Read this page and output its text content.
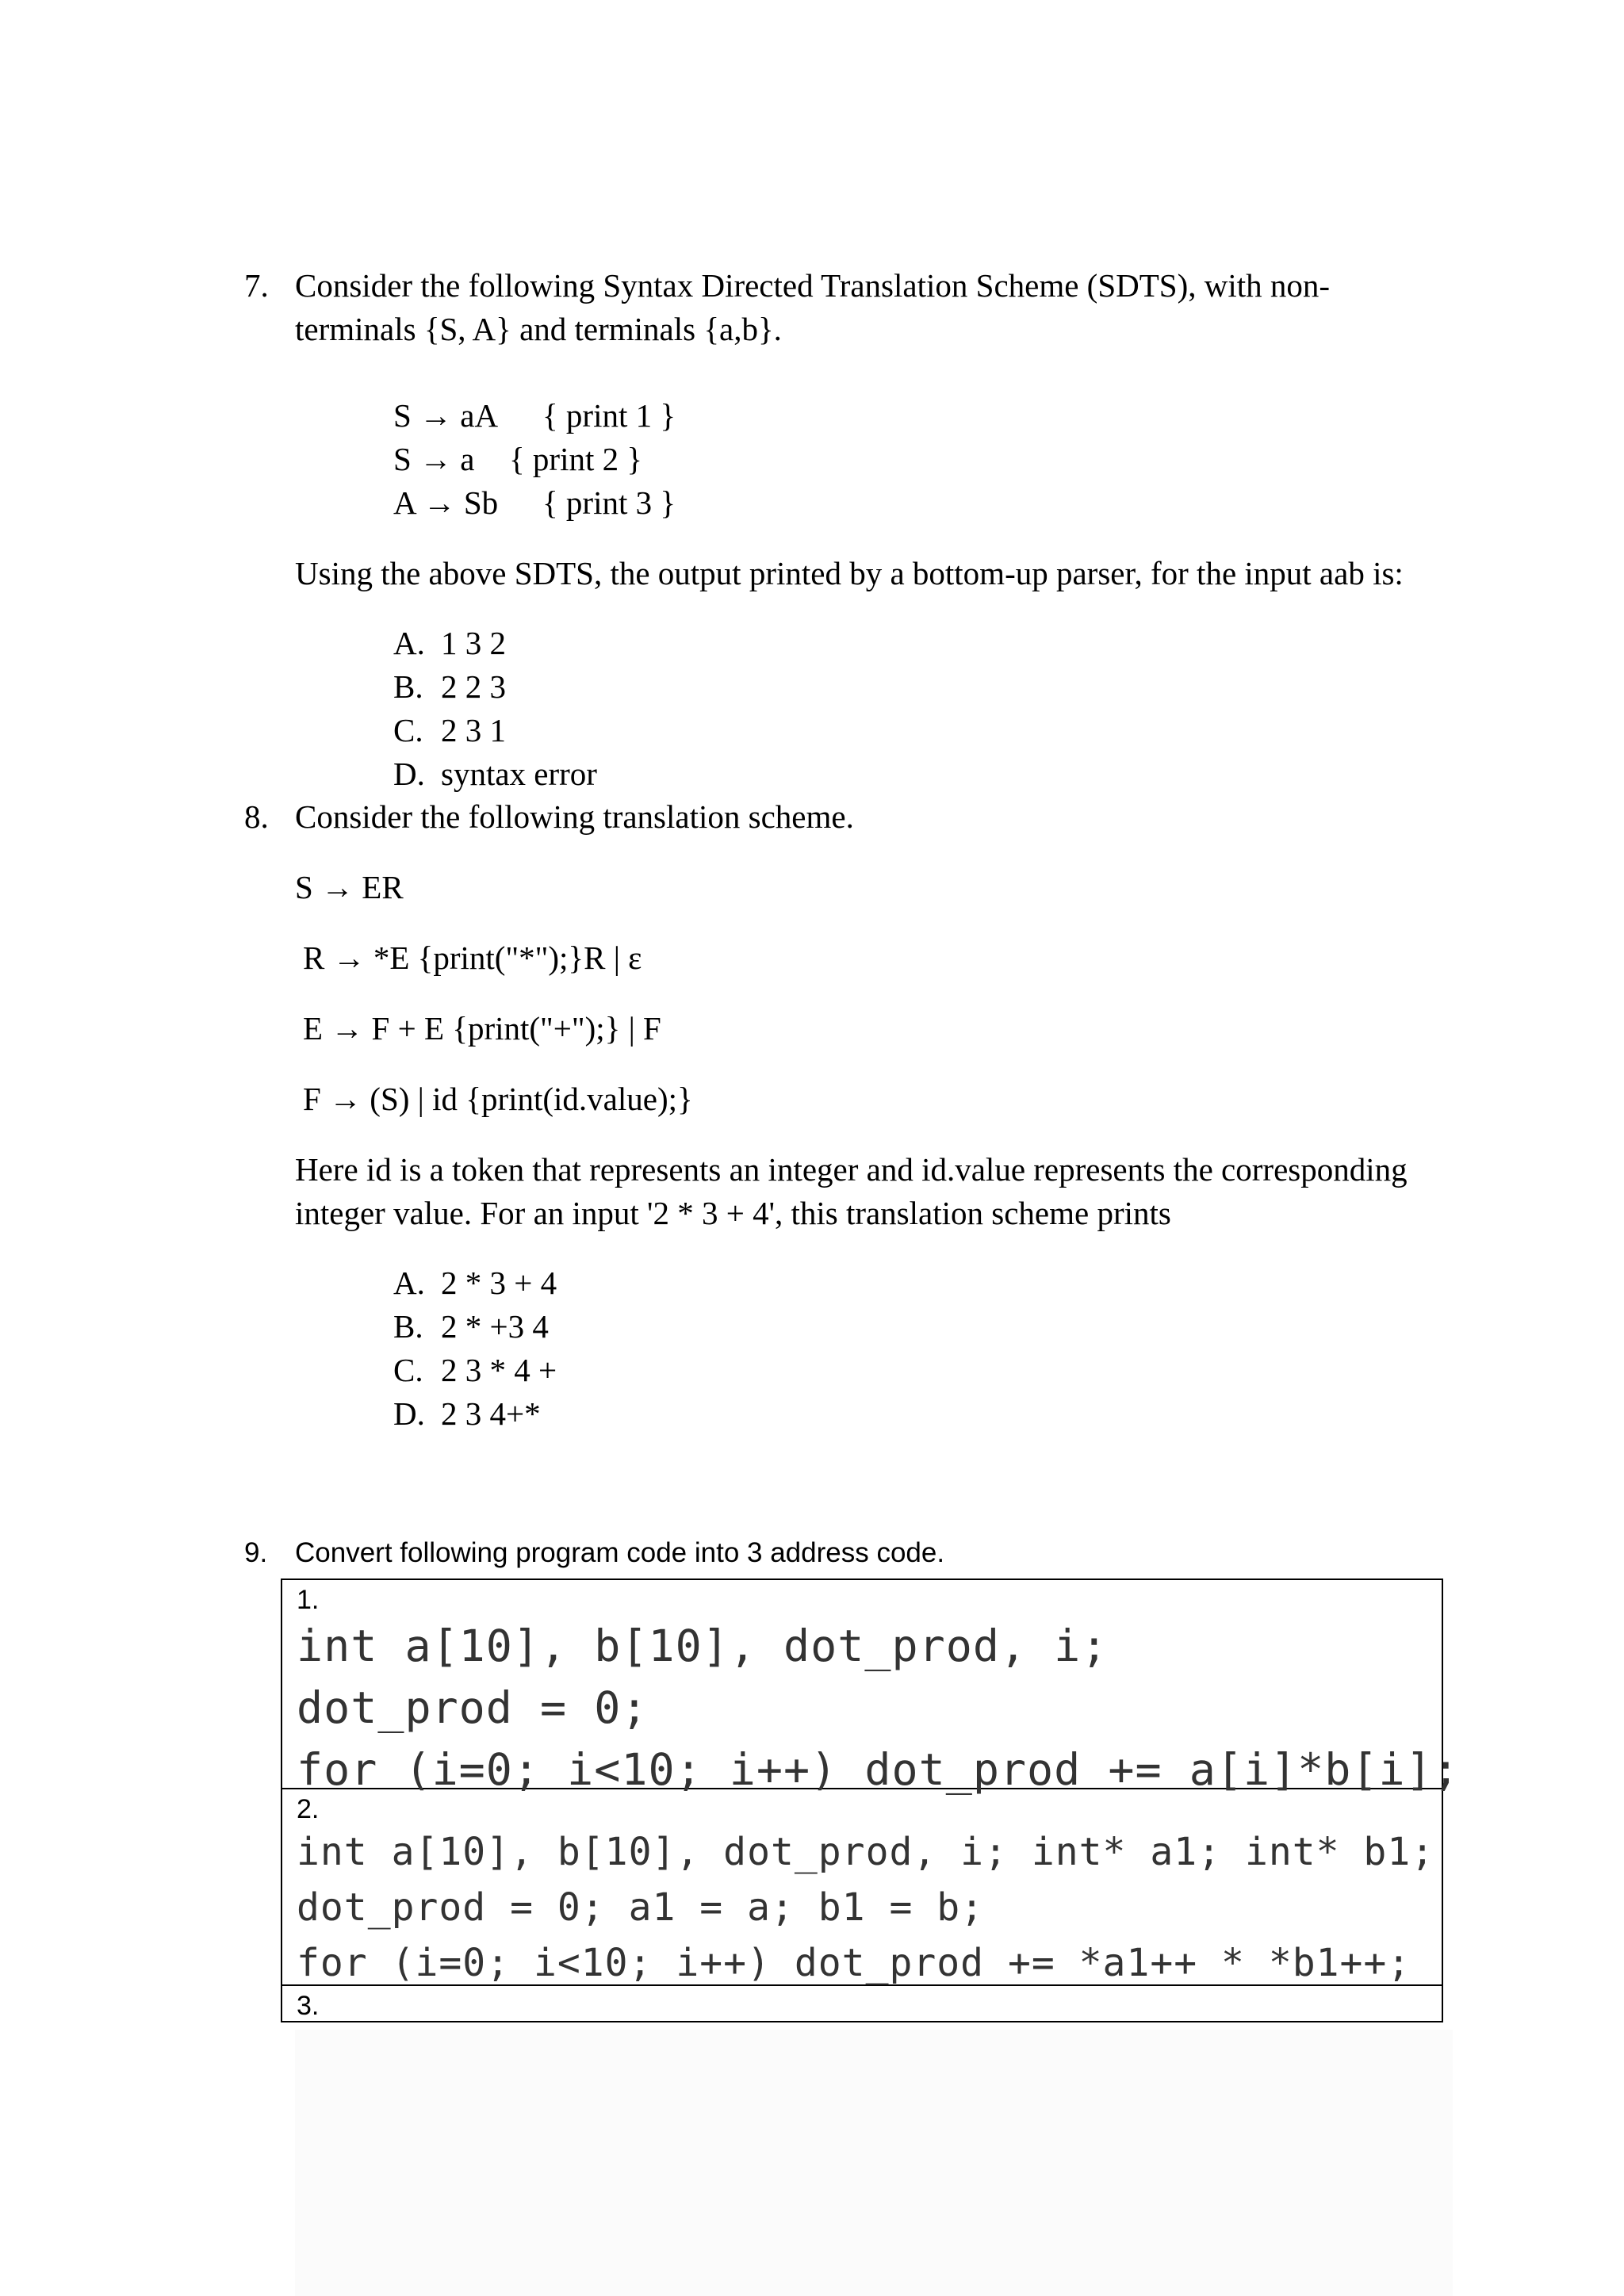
7. Consider the following Syntax Directed Translation Scheme (SDTS), with non-
terminals {S, A} and terminals {a,b}.
S → aA { print 1 }
S → a { print 2 }
A → Sb { print 3 }
Using the above SDTS, the output printed by a bottom-up parser, for the input aab is:
A. 1 3 2
B. 2 2 3
C. 2 3 1
D. syntax error
8. Consider the following translation scheme.
S → ER
R → *E {print("*");}R | ε
E → F + E {print("+");} | F
F → (S) | id {print(id.value);}
Here id is a token that represents an integer and id.value represents the corresponding
integer value. For an input '2 * 3 + 4', this translation scheme prints
A. 2 * 3 + 4
B. 2 * +3 4
C. 2 3 * 4 +
D. 2 3 4+*
9. Convert following program code into 3 address code.
1.
int a[10], b[10], dot_prod, i;
dot_prod = 0;
for (i=0; i<10; i++) dot_prod += a[i]*b[i];
2.
int a[10], b[10], dot_prod, i; int* a1; int* b1;
dot_prod = 0; a1 = a; b1 = b;
for (i=0; i<10; i++) dot_prod += *a1++ * *b1++;
3.
